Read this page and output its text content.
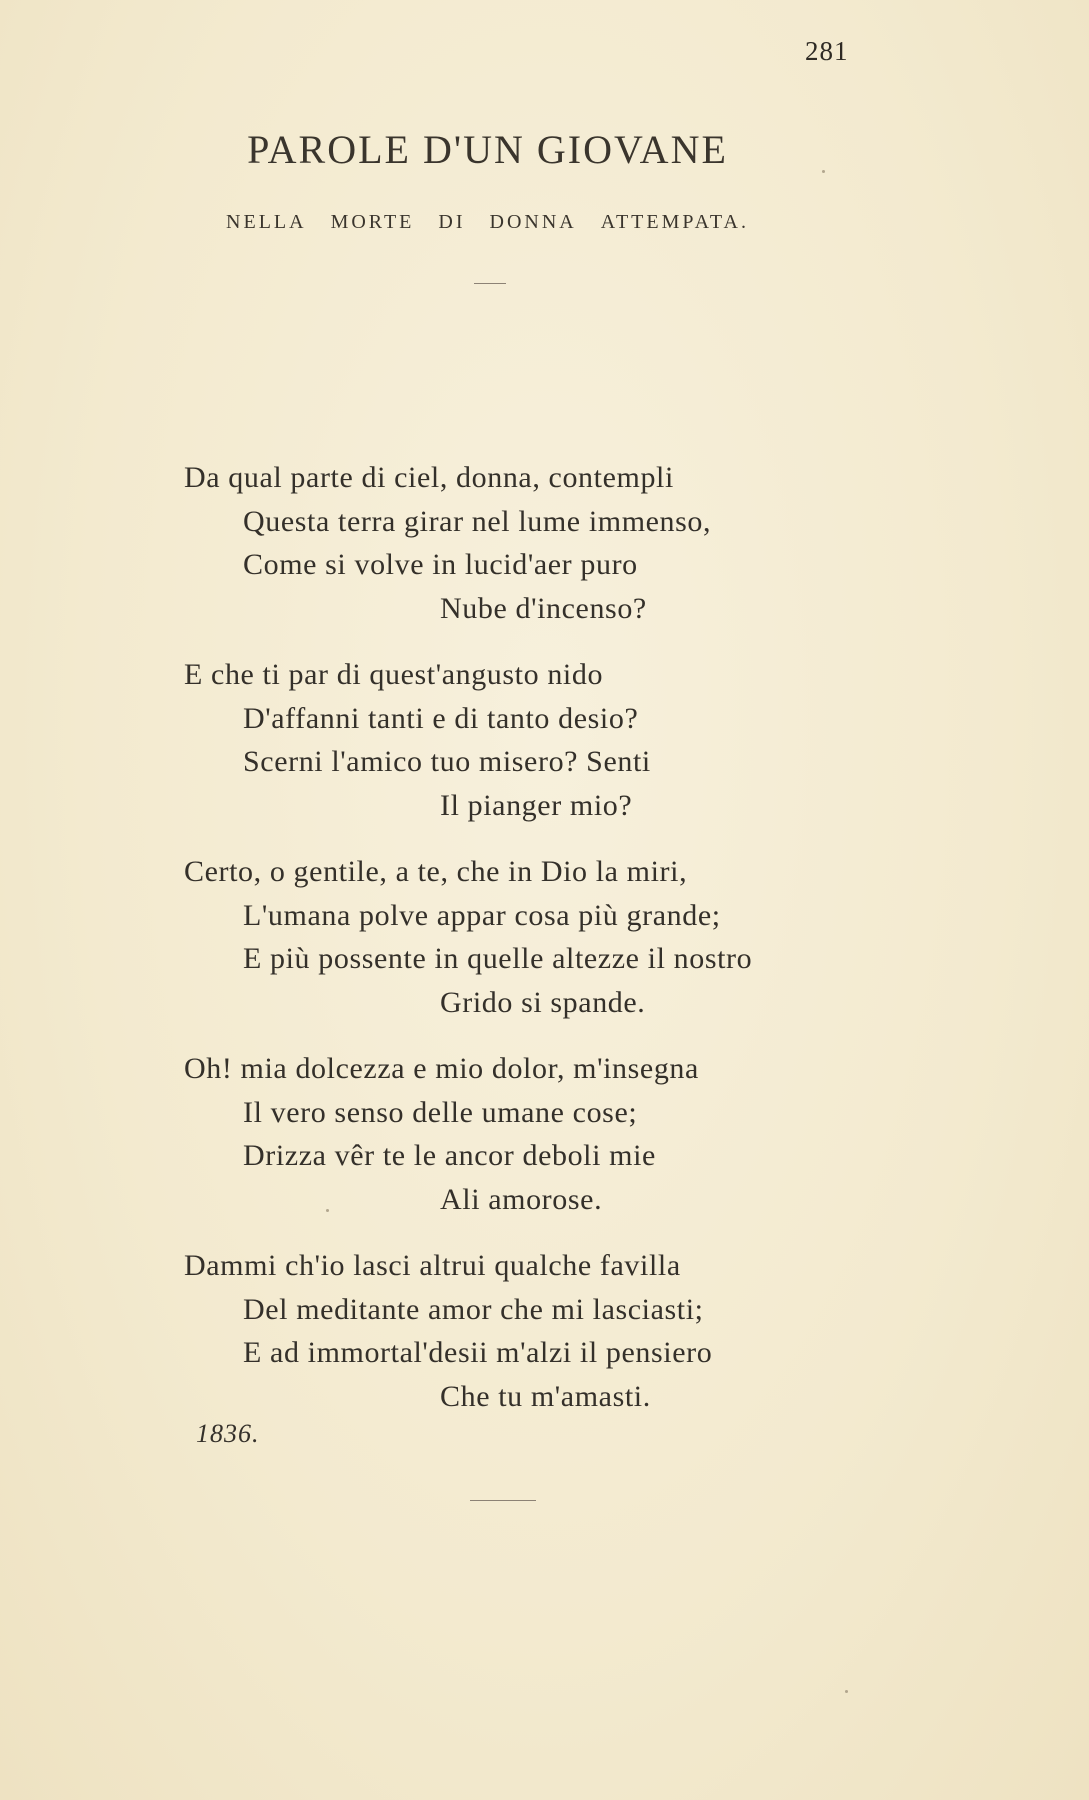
281
PAROLE D'UN GIOVANE
NELLA MORTE DI DONNA ATTEMPATA.
Da qual parte di ciel, donna, contempli
Questa terra girar nel lume immenso,
Come si volve in lucid'aer puro
Nube d'incenso?
E che ti par di quest'angusto nido
D'affanni tanti e di tanto desio?
Scerni l'amico tuo misero? Senti
Il pianger mio?
Certo, o gentile, a te, che in Dio la miri,
L'umana polve appar cosa più grande;
E più possente in quelle altezze il nostro
Grido si spande.
Oh! mia dolcezza e mio dolor, m'insegna
Il vero senso delle umane cose;
Drizza vêr te le ancor deboli mie
Ali amorose.
Dammi ch'io lasci altrui qualche favilla
Del meditante amor che mi lasciasti;
E ad immortal'desii m'alzi il pensiero
Che tu m'amasti.
1836.
